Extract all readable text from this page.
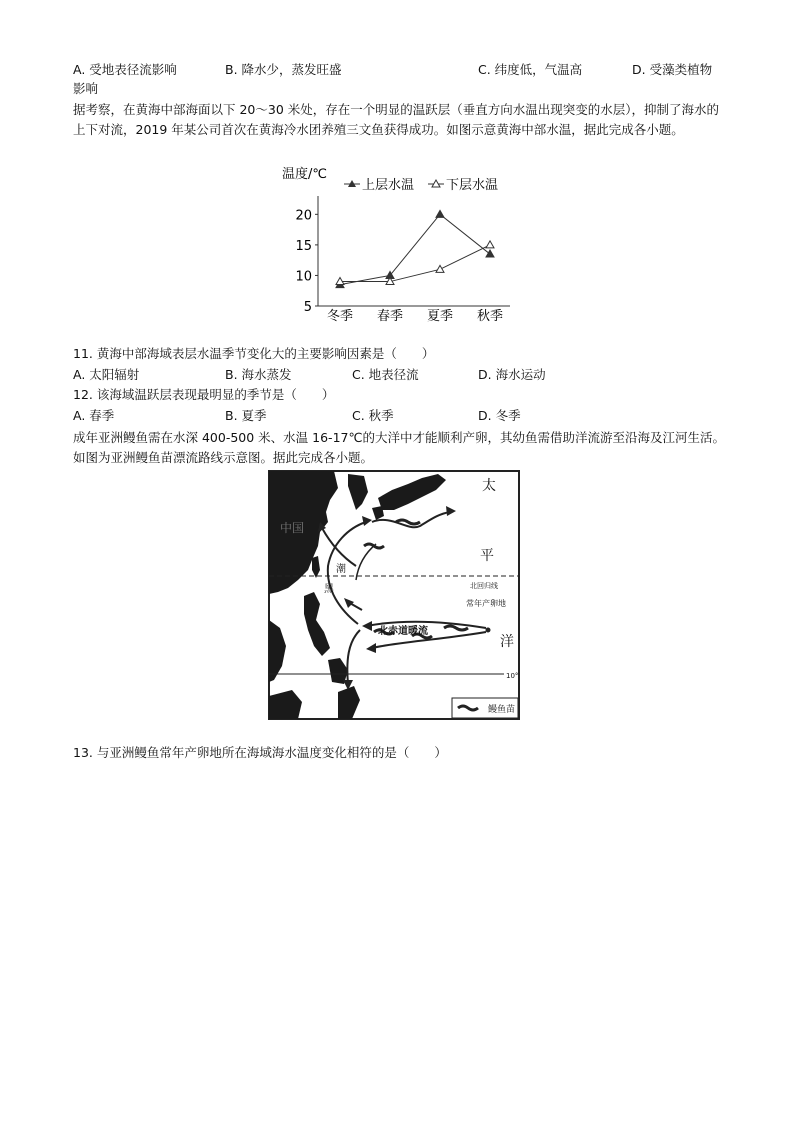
A. 受地表径流影响	B. 降水少，蒸发旺盛	C. 纬度低，气温高	D. 受藻类植物
影响
据考察，在黄海中部海面以下 20～30 米处，存在一个明显的温跃层（垂直方向水温出现突变的水层），抑制了海水的上下对流，2019 年某公司首次在黄海冷水团养殖三文鱼获得成功。如图示意黄海中部水温，据此完成各小题。
温度/℃
上层水温 下层水温
5
10
15
20
冬季 春季 夏季 秋季
11. 黄海中部海域表层水温季节变化大的主要影响因素是（　　）
A. 太阳辐射	B. 海水蒸发	C. 地表径流	D. 海水运动
12. 该海域温跃层表现最明显的季节是（　　）
A. 春季	B. 夏季	C. 秋季	D. 冬季
成年亚洲鳗鱼需在水深 400-500 米、水温 16-17℃的大洋中才能顺利产卵，其幼鱼需借助洋流游至沿海及江河生活。如图为亚洲鳗鱼苗漂流路线示意图。据此完成各小题。
中国
太
平
洋
北回归线
常年产卵地
北赤道暖流
潮
黑
10°
鳗鱼苗
13. 与亚洲鳗鱼常年产卵地所在海域海水温度变化相符的是（　　）
